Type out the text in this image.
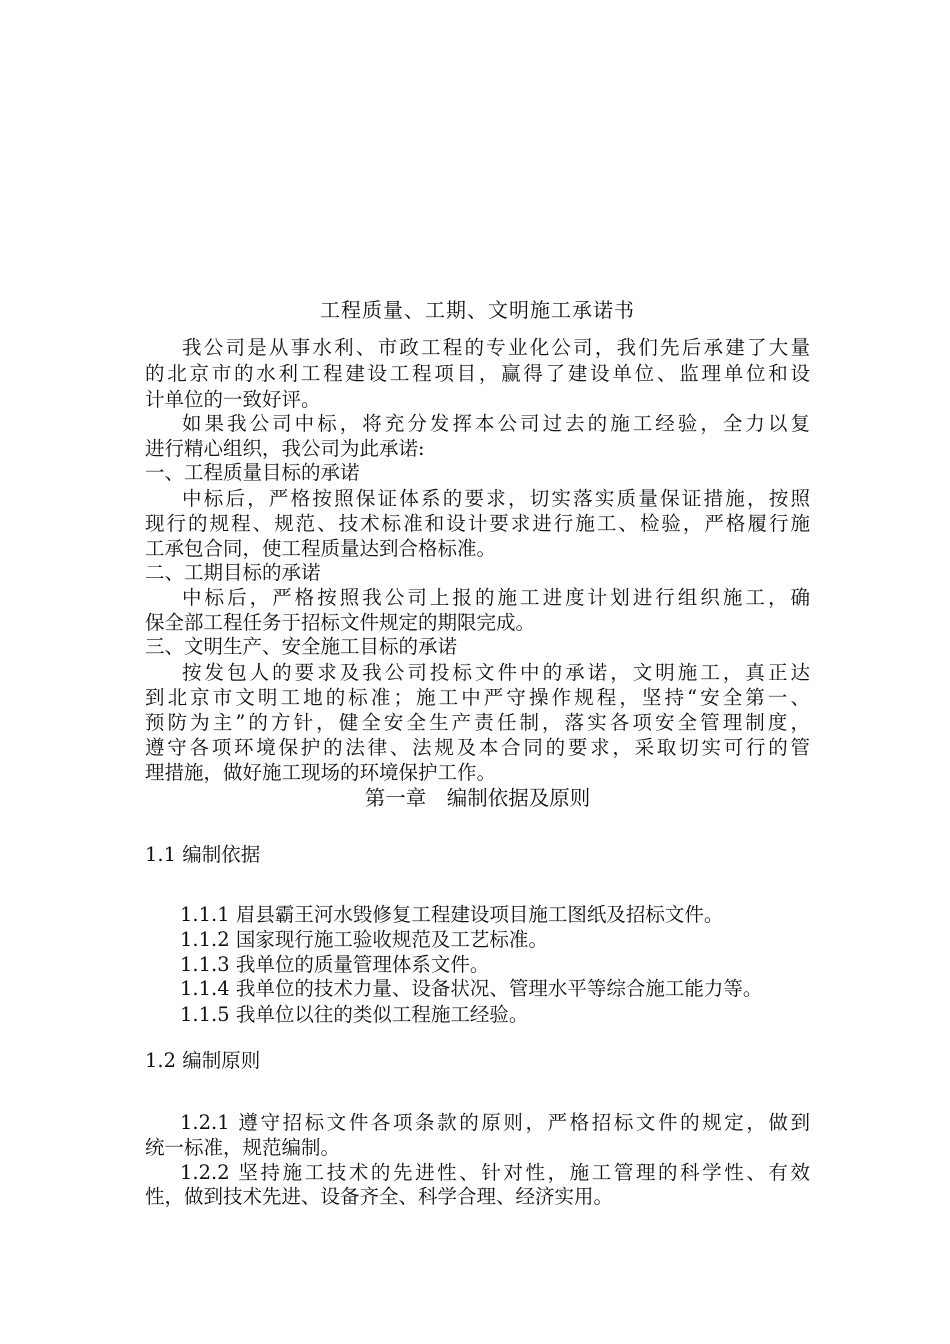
工程质量、工期、文明施工承诺书
我公司是从事水利、市政工程的专业化公司，我们先后承建了大量
的北京市的水利工程建设工程项目，赢得了建设单位、监理单位和设
计单位的一致好评。
如果我公司中标，将充分发挥本公司过去的施工经验，全力以复
进行精心组织，我公司为此承诺:
一、工程质量目标的承诺
中标后，严格按照保证体系的要求，切实落实质量保证措施，按照
现行的规程、规范、技术标准和设计要求进行施工、检验，严格履行施
工承包合同，使工程质量达到合格标准。
二、工期目标的承诺
中标后，严格按照我公司上报的施工进度计划进行组织施工，确
保全部工程任务于招标文件规定的期限完成。
三、文明生产、安全施工目标的承诺
按发包人的要求及我公司投标文件中的承诺，文明施工，真正达
到北京市文明工地的标准；施工中严守操作规程，坚持“安全第一、
预防为主”的方针，健全安全生产责任制，落实各项安全管理制度，
遵守各项环境保护的法律、法规及本合同的要求，采取切实可行的管
理措施，做好施工现场的环境保护工作。
第一章　编制依据及原则
1.1 编制依据
1.1.1 眉县霸王河水毁修复工程建设项目施工图纸及招标文件。
1.1.2 国家现行施工验收规范及工艺标准。
1.1.3 我单位的质量管理体系文件。
1.1.4 我单位的技术力量、设备状况、管理水平等综合施工能力等。
1.1.5 我单位以往的类似工程施工经验。
1.2 编制原则
1.2.1 遵守招标文件各项条款的原则，严格招标文件的规定，做到
统一标准，规范编制。
1.2.2 坚持施工技术的先进性、针对性，施工管理的科学性、有效
性，做到技术先进、设备齐全、科学合理、经济实用。
